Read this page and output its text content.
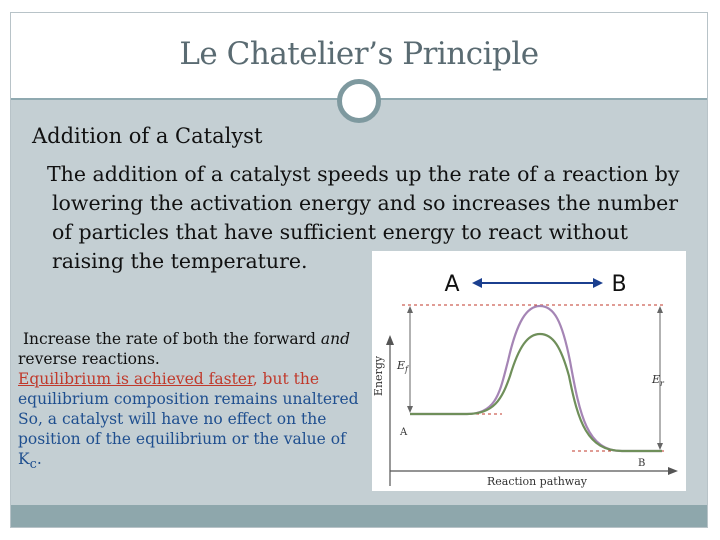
Le Chatelier’s Principle
Addition of a Catalyst
The addition of a catalyst speeds up the rate of a reaction by
lowering the activation energy and so increases the number
of particles that have sufficient energy to react without
raising the temperature.
Increase the rate of both the forward and
reverse reactions.
Equilibrium is achieved faster, but the
equilibrium composition remains unaltered
So, a catalyst will have no effect on the
position of the equilibrium or the value of
$K_c$.
A	B
Energy $E_f$
$E_r$
A
B
Reaction pathway
